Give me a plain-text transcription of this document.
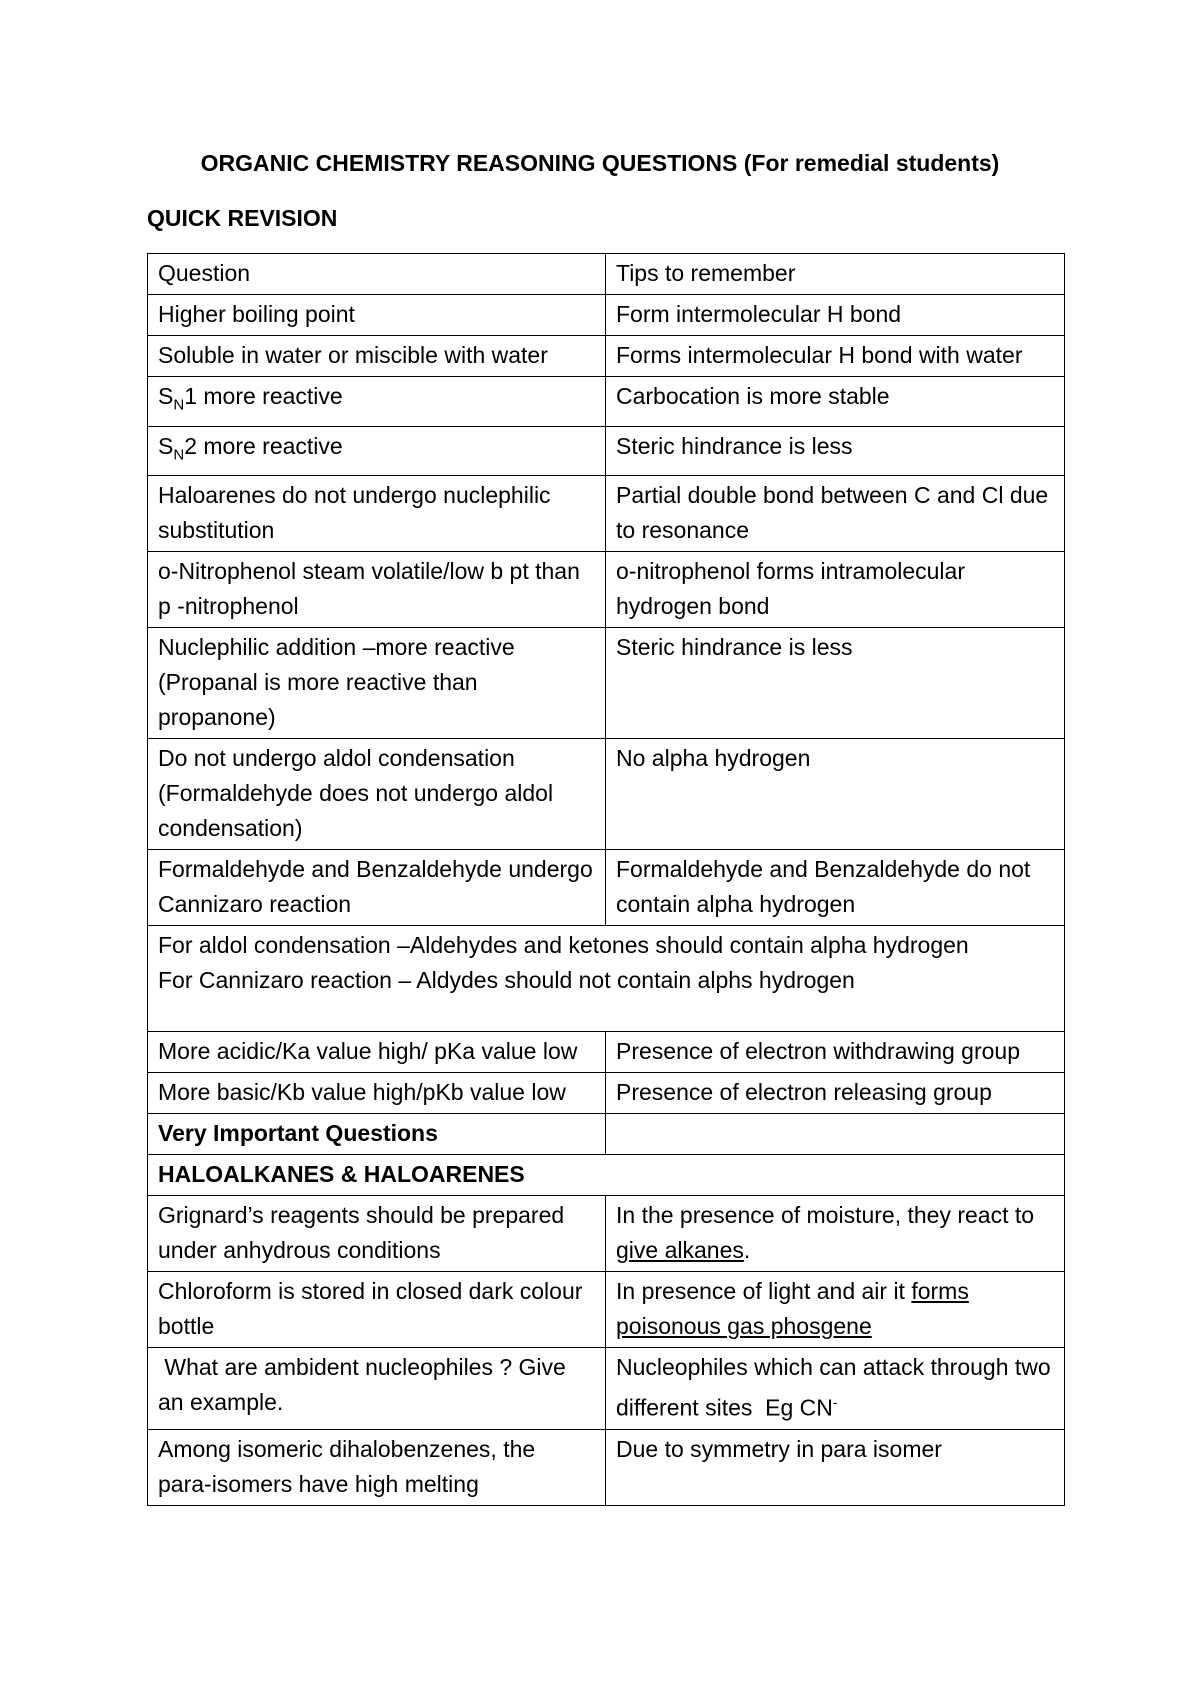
ORGANIC CHEMISTRY REASONING QUESTIONS (For remedial students)
QUICK REVISION
Question	Tips to remember
Higher boiling point	Form intermolecular H bond
Soluble in water or miscible with water	Forms intermolecular H bond with water
$S_N1$ more reactive	Carbocation is more stable
$S_N2$ more reactive	Steric hindrance is less
Haloarenes do not undergo nuclephilic substitution	Partial double bond between C and Cl due to resonance
o-Nitrophenol steam volatile/low b pt than p -nitrophenol	o-nitrophenol forms intramolecular hydrogen bond
Nuclephilic addition –more reactive (Propanal is more reactive than propanone)	Steric hindrance is less
Do not undergo aldol condensation (Formaldehyde does not undergo aldol condensation)	No alpha hydrogen
Formaldehyde and Benzaldehyde undergo Cannizaro reaction	Formaldehyde and Benzaldehyde do not contain alpha hydrogen

For aldol condensation –Aldehydes and ketones should contain alpha hydrogen
For Cannizaro reaction – Aldydes should not contain alphs hydrogen	

More acidic/Ka value high/ pKa value low	Presence of electron withdrawing group
More basic/Kb value high/pKb value low	Presence of electron releasing group
Very Important Questions	
HALOALKANES & HALOARENES	
Grignard’s reagents should be prepared under anhydrous conditions	In the presence of moisture, they react to give alkanes.
Chloroform is stored in closed dark colour bottle	In presence of light and air it forms poisonous gas phosgene
What are ambident nucleophiles ? Give an example.	Nucleophiles which can attack through two different sites  Eg CN-
Among isomeric dihalobenzenes, the para-isomers have high melting	Due to symmetry in para isomer
